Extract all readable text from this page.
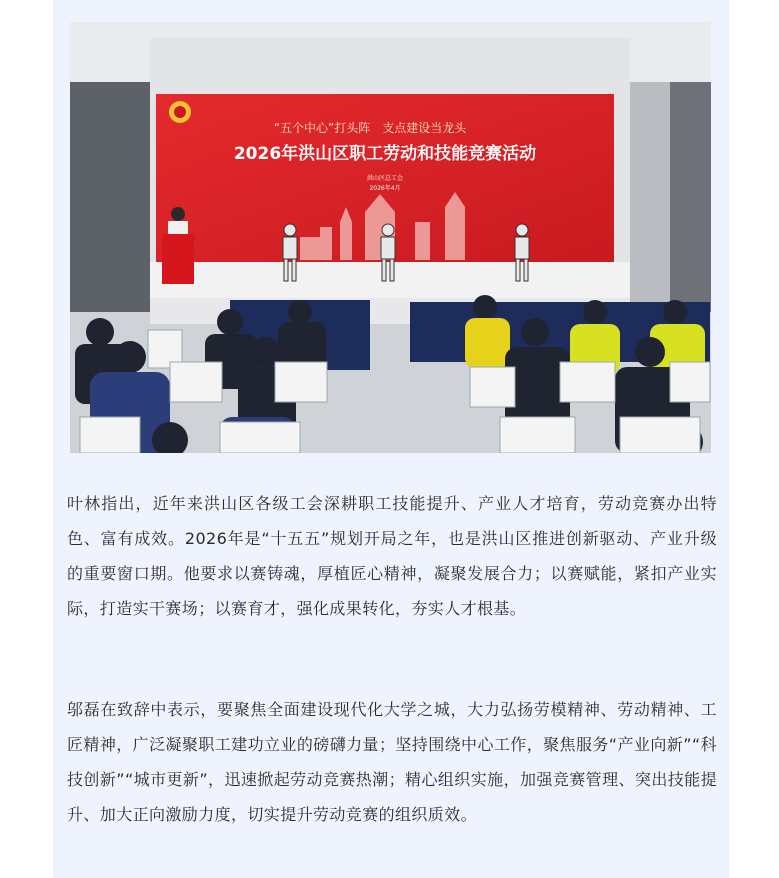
“五个中心”打头阵　支点建设当龙头
2026年洪山区职工劳动和技能竞赛活动
洪山区总工会
2026年4月

叶林指出，近年来洪山区各级工会深耕职工技能提升、产业人才培育，劳动竞赛办出特色、富有成效。2026年是“十五五”规划开局之年，也是洪山区推进创新驱动、产业升级的重要窗口期。他要求以赛铸魂，厚植匠心精神，凝聚发展合力；以赛赋能，紧扣产业实际，打造实干赛场；以赛育才，强化成果转化，夯实人才根基。

邬磊在致辞中表示，要聚焦全面建设现代化大学之城，大力弘扬劳模精神、劳动精神、工匠精神，广泛凝聚职工建功立业的磅礴力量；坚持围绕中心工作，聚焦服务“产业向新”“科技创新”“城市更新”，迅速掀起劳动竞赛热潮；精心组织实施，加强竞赛管理、突出技能提升、加大正向激励力度，切实提升劳动竞赛的组织质效。
